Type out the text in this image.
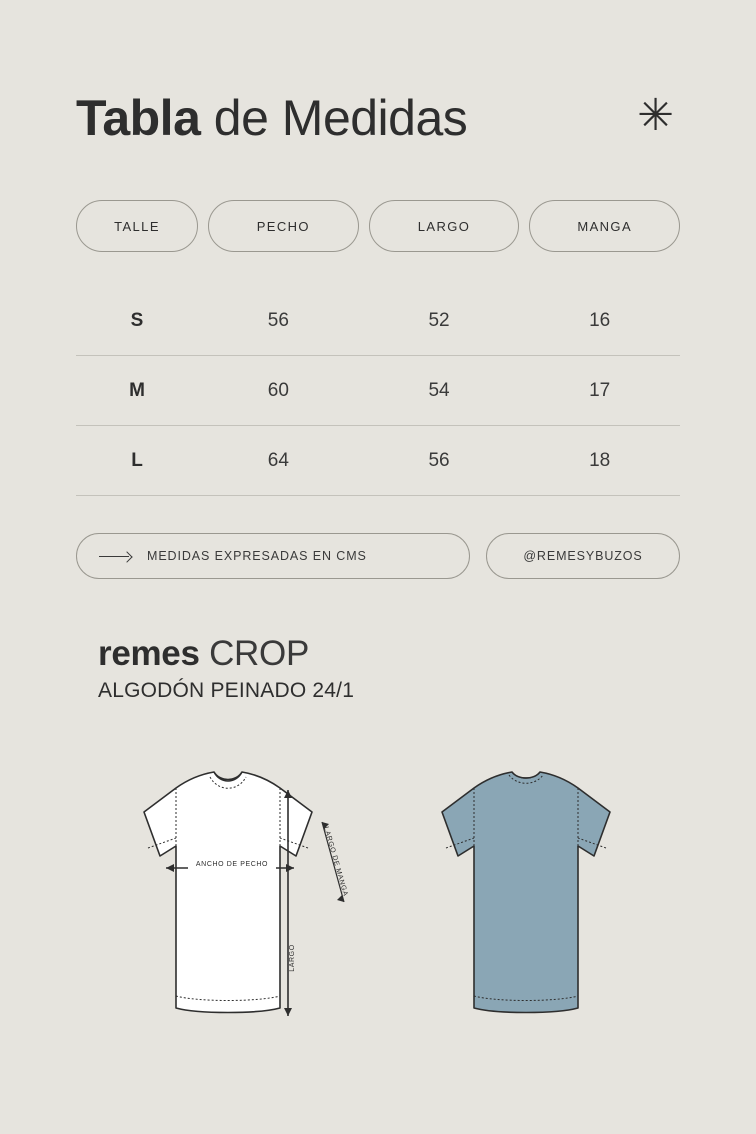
Tabla de Medidas	✳
TALLE	PECHO	LARGO	MANGA
S	56	52	16
M	60	54	17
L	64	56	18
MEDIDAS EXPRESADAS EN CMS	@REMESYBUZOS
remes CROP
ALGODÓN PEINADO 24/1
ANCHO DE PECHO
LARGO
LARGO DE MANGA
